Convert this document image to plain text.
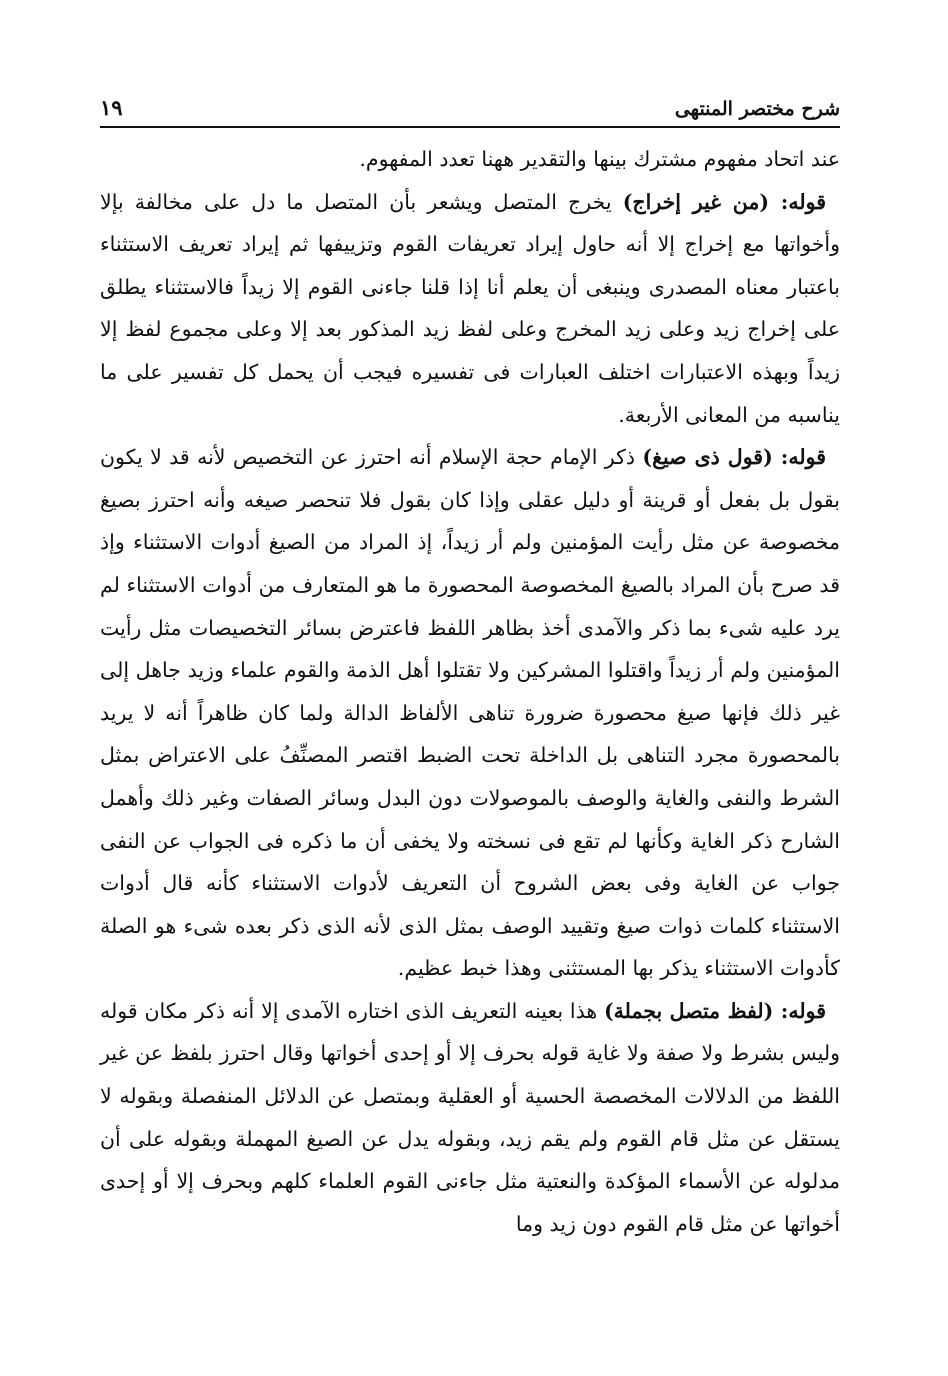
شرح مختصر المنتهى
١٩

عند اتحاد مفهوم مشترك بينها والتقدير ههنا تعدد المفهوم.

قوله: (من غير إخراج) يخرج المتصل ويشعر بأن المتصل ما دل على مخالفة بإلا وأخواتها مع إخراج إلا أنه حاول إيراد تعريفات القوم وتزييفها ثم إيراد تعريف الاستثناء باعتبار معناه المصدرى وينبغى أن يعلم أنا إذا قلنا جاءنى القوم إلا زيداً فالاستثناء يطلق على إخراج زيد وعلى زيد المخرج وعلى لفظ زيد المذكور بعد إلا وعلى مجموع لفظ إلا زيداً وبهذه الاعتبارات اختلف العبارات فى تفسيره فيجب أن يحمل كل تفسير على ما يناسبه من المعانى الأربعة.

قوله: (قول ذى صيغ) ذكر الإمام حجة الإسلام أنه احترز عن التخصيص لأنه قد لا يكون بقول بل بفعل أو قرينة أو دليل عقلى وإذا كان بقول فلا تنحصر صيغه وأنه احترز بصيغ مخصوصة عن مثل رأيت المؤمنين ولم أر زيداً، إذ المراد من الصيغ أدوات الاستثناء وإذ قد صرح بأن المراد بالصيغ المخصوصة المحصورة ما هو المتعارف من أدوات الاستثناء لم يرد عليه شىء بما ذكر والآمدى أخذ بظاهر اللفظ فاعترض بسائر التخصيصات مثل رأيت المؤمنين ولم أر زيداً واقتلوا المشركين ولا تقتلوا أهل الذمة والقوم علماء وزيد جاهل إلى غير ذلك فإنها صيغ محصورة ضرورة تناهى الألفاظ الدالة ولما كان ظاهراً أنه لا يريد بالمحصورة مجرد التناهى بل الداخلة تحت الضبط اقتصر المصنِّفُ على الاعتراض بمثل الشرط والنفى والغاية والوصف بالموصولات دون البدل وسائر الصفات وغير ذلك وأهمل الشارح ذكر الغاية وكأنها لم تقع فى نسخته ولا يخفى أن ما ذكره فى الجواب عن النفى جواب عن الغاية وفى بعض الشروح أن التعريف لأدوات الاستثناء كأنه قال أدوات الاستثناء كلمات ذوات صيغ وتقييد الوصف بمثل الذى لأنه الذى ذكر بعده شىء هو الصلة كأدوات الاستثناء يذكر بها المستثنى وهذا خبط عظيم.

قوله: (لفظ متصل بجملة) هذا بعينه التعريف الذى اختاره الآمدى إلا أنه ذكر مكان قوله وليس بشرط ولا صفة ولا غاية قوله بحرف إلا أو إحدى أخواتها وقال احترز بلفظ عن غير اللفظ من الدلالات المخصصة الحسية أو العقلية وبمتصل عن الدلائل المنفصلة وبقوله لا يستقل عن مثل قام القوم ولم يقم زيد، وبقوله يدل عن الصيغ المهملة وبقوله على أن مدلوله عن الأسماء المؤكدة والنعتية مثل جاءنى القوم العلماء كلهم وبحرف إلا أو إحدى أخواتها عن مثل قام القوم دون زيد وما
